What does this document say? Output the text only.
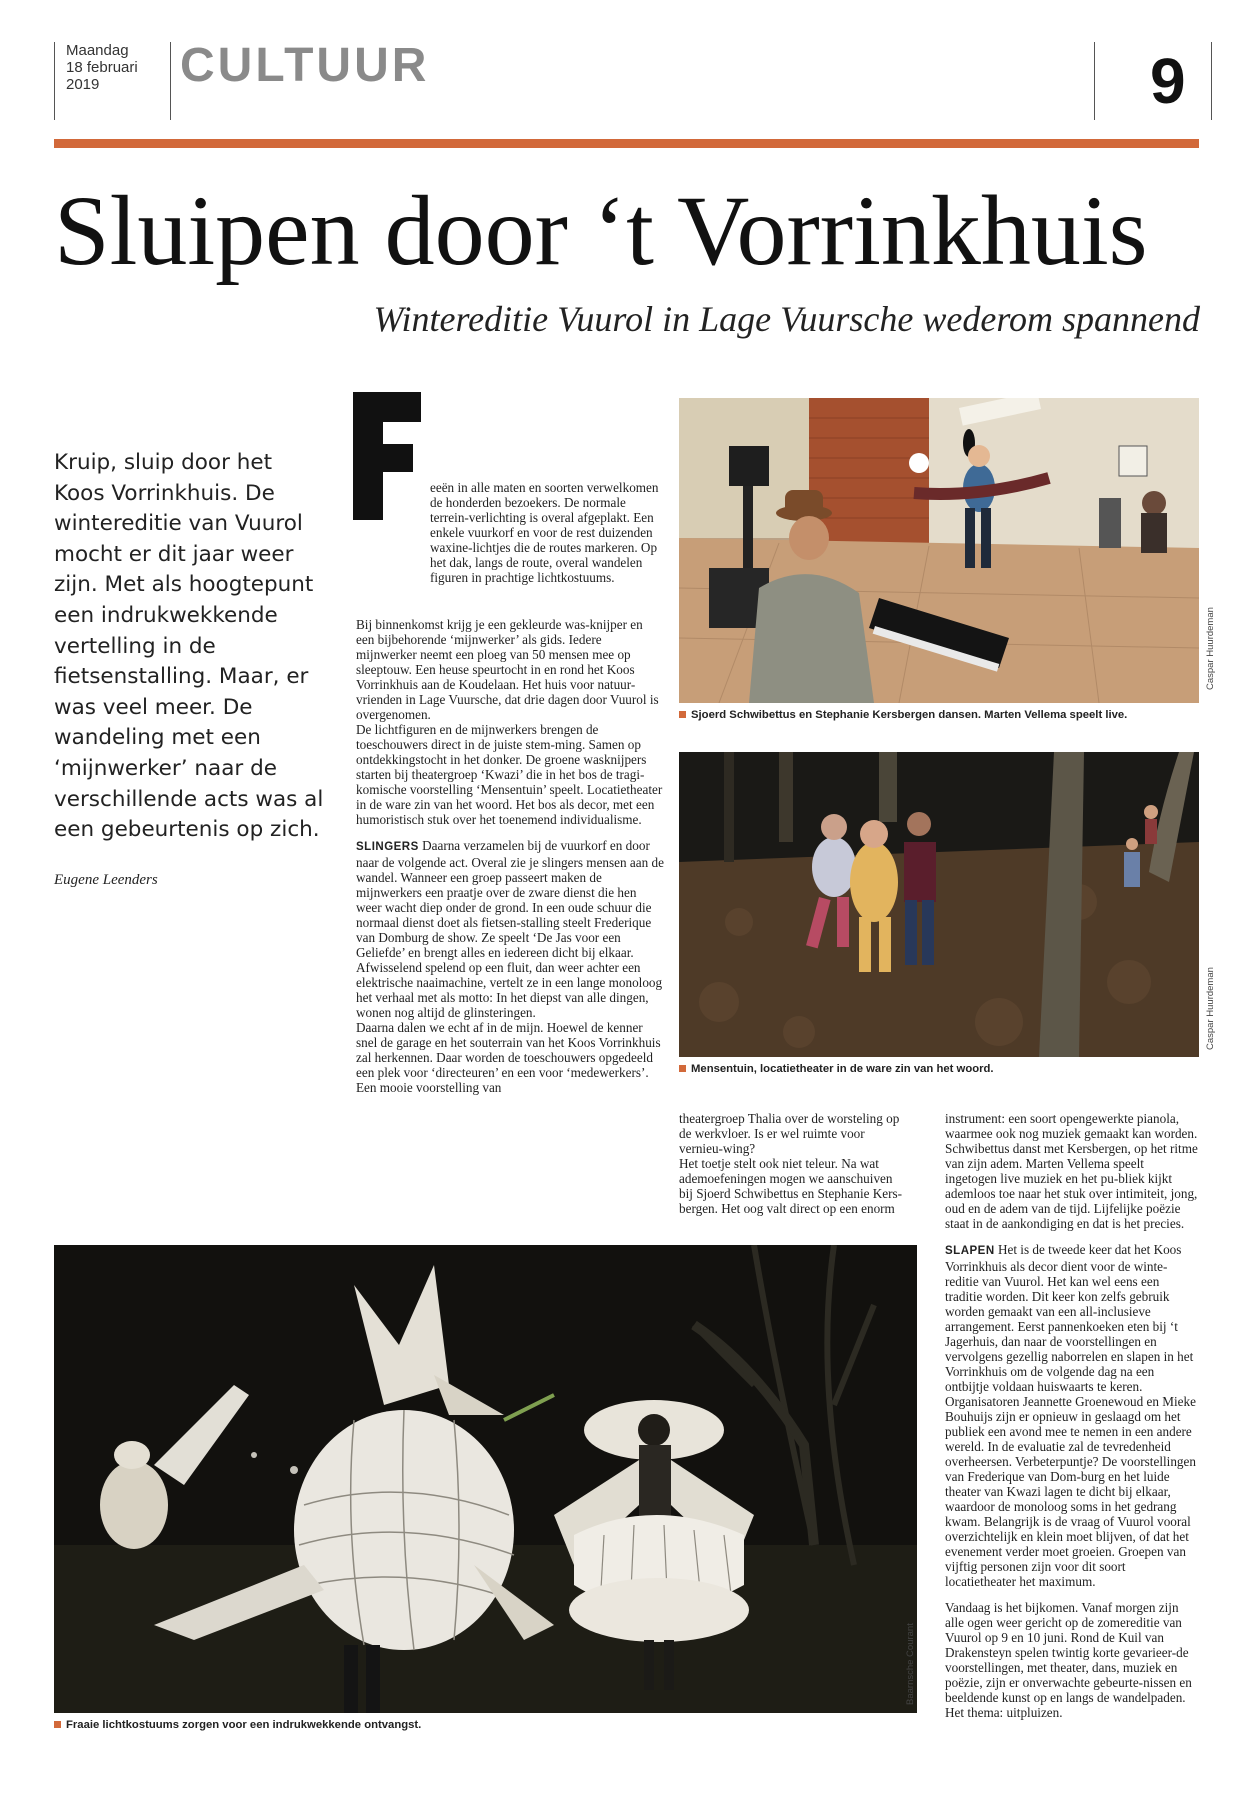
Maandag
18 februari
2019	CULTUUR	9
Sluipen door ‘t Vorrinkhuis
Wintereditie Vuurol in Lage Vuursche wederom spannend
Kruip, sluip door het Koos Vorrinkhuis. De wintereditie van Vuurol mocht er dit jaar weer zijn. Met als hoogtepunt een indrukwekkende vertelling in de fietsenstalling. Maar, er was veel meer. De wandeling met een ‘mijnwerker’ naar de verschillende acts was al een gebeurtenis op zich.
Eugene Leenders

eeën in alle maten en soorten verwelkomen de honderden bezoekers. De normale terrein-verlichting is overal afgeplakt. Een enkele vuurkorf en voor de rest duizenden waxine-lichtjes die de routes markeren. Op het dak, langs de route, overal wandelen figuren in prachtige lichtkostuums.

Bij binnenkomst krijg je een gekleurde was-knijper en een bijbehorende ‘mijnwerker’ als gids. Iedere mijnwerker neemt een ploeg van 50 mensen mee op sleeptouw. Een heuse speurtocht in en rond het Koos Vorrinkhuis aan de Koudelaan. Het huis voor natuur-vrienden in Lage Vuursche, dat drie dagen door Vuurol is overgenomen.

De lichtfiguren en de mijnwerkers brengen de toeschouwers direct in de juiste stem-ming. Samen op ontdekkingstocht in het donker. De groene wasknijpers starten bij theatergroep ‘Kwazi’ die in het bos de tragi-komische voorstelling ‘Mensentuin’ speelt. Locatietheater in de ware zin van het woord. Het bos als decor, met een humoristisch stuk over het toenemend individualisme.

SLINGERS Daarna verzamelen bij de vuurkorf en door naar de volgende act. Overal zie je slingers mensen aan de wandel. Wanneer een groep passeert maken de mijnwerkers een praatje over de zware dienst die hen weer wacht diep onder de grond. In een oude schuur die normaal dienst doet als fietsen-stalling steelt Frederique van Domburg de show. Ze speelt ‘De Jas voor een Geliefde’ en brengt alles en iedereen dicht bij elkaar. Afwisselend spelend op een fluit, dan weer achter een elektrische naaimachine, vertelt ze in een lange monoloog het verhaal met als motto: In het diepst van alle dingen, wonen nog altijd de glinsteringen.

Daarna dalen we echt af in de mijn. Hoewel de kenner snel de garage en het souterrain van het Koos Vorrinkhuis zal herkennen. Daar worden de toeschouwers opgedeeld een plek voor ‘directeuren’ en een voor ‘medewerkers’. Een mooie voorstelling van

Caspar Huurdeman
Sjoerd Schwibettus en Stephanie Kersbergen dansen. Marten Vellema speelt live.
Caspar Huurdeman
Mensentuin, locatietheater in de ware zin van het woord.

theatergroep Thalia over de worsteling op de werkvloer. Is er wel ruimte voor vernieu-wing?

Het toetje stelt ook niet teleur. Na wat ademoefeningen mogen we aanschuiven bij Sjoerd Schwibettus en Stephanie Kers-bergen. Het oog valt direct op een enorm

instrument: een soort opengewerkte pianola, waarmee ook nog muziek gemaakt kan worden. Schwibettus danst met Kersbergen, op het ritme van zijn adem. Marten Vellema speelt ingetogen live muziek en het pu-bliek kijkt ademloos toe naar het stuk over intimiteit, jong, oud en de adem van de tijd. Lijfelijke poëzie staat in de aankondiging en dat is het precies.

SLAPEN Het is de tweede keer dat het Koos Vorrinkhuis als decor dient voor de winte-reditie van Vuurol. Het kan wel eens een traditie worden. Dit keer kon zelfs gebruik worden gemaakt van een all-inclusieve arrangement. Eerst pannenkoeken eten bij ‘t Jagerhuis, dan naar de voorstellingen en vervolgens gezellig naborrelen en slapen in het Vorrinkhuis om de volgende dag na een ontbijtje voldaan huiswaarts te keren. Organisatoren Jeannette Groenewoud en Mieke Bouhuijs zijn er opnieuw in geslaagd om het publiek een avond mee te nemen in een andere wereld. In de evaluatie zal de tevredenheid overheersen. Verbeterpuntje? De voorstellingen van Frederique van Dom-burg en het luide theater van Kwazi lagen te dicht bij elkaar, waardoor de monoloog soms in het gedrang kwam. Belangrijk is de vraag of Vuurol vooral overzichtelijk en klein moet blijven, of dat het evenement verder moet groeien. Groepen van vijftig personen zijn voor dit soort locatietheater het maximum.

Vandaag is het bijkomen. Vanaf morgen zijn alle ogen weer gericht op de zomereditie van Vuurol op 9 en 10 juni. Rond de Kuil van Drakensteyn spelen twintig korte gevarieer-de voorstellingen, met theater, dans, muziek en poëzie, zijn er onverwachte gebeurte-nissen en beeldende kunst op en langs de wandelpaden. Het thema: uitpluizen.

Baarnsche Courant
Fraaie lichtkostuums zorgen voor een indrukwekkende ontvangst.
